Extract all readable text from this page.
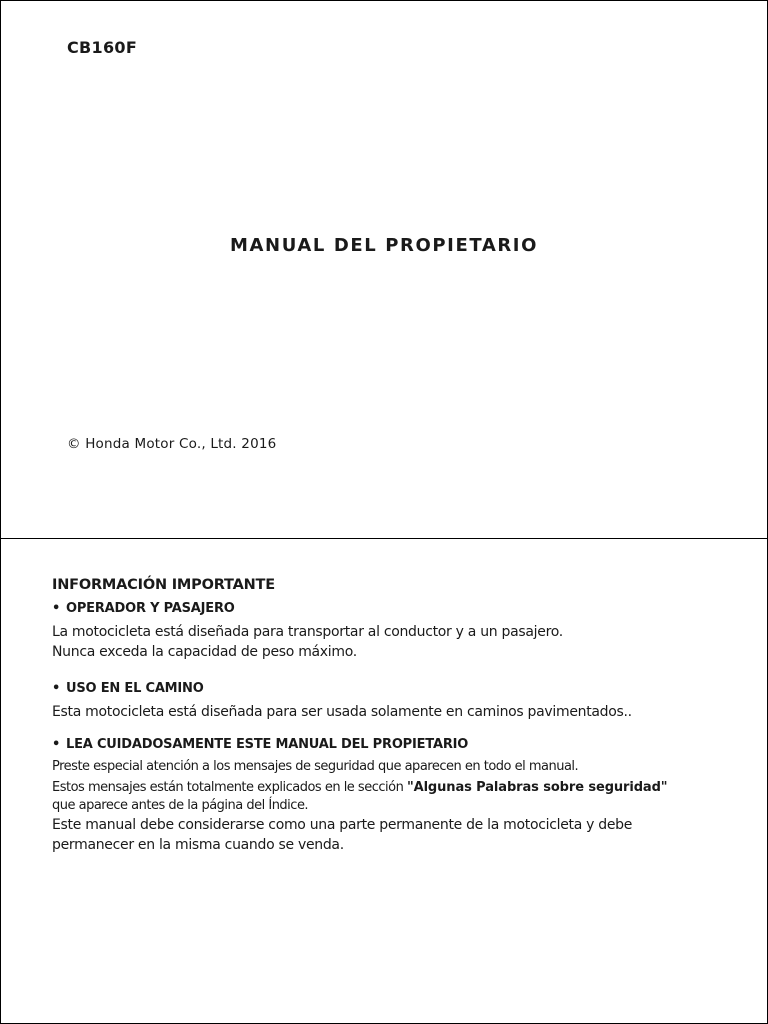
CB160F
MANUAL DEL PROPIETARIO
© Honda Motor Co., Ltd. 2016
INFORMACIÓN IMPORTANTE
• OPERADOR Y PASAJERO
La motocicleta está diseñada para transportar al conductor y a un pasajero.
Nunca exceda la capacidad de peso máximo.
• USO EN EL CAMINO
Esta motocicleta está diseñada para ser usada solamente en caminos pavimentados..
• LEA CUIDADOSAMENTE ESTE MANUAL DEL PROPIETARIO
Preste especial atención a los mensajes de seguridad que aparecen en todo el manual.
Estos mensajes están totalmente explicados en le sección "Algunas Palabras sobre seguridad"
que aparece antes de la página del Índice.
Este manual debe considerarse como una parte permanente de la motocicleta y debe
permanecer en la misma cuando se venda.
